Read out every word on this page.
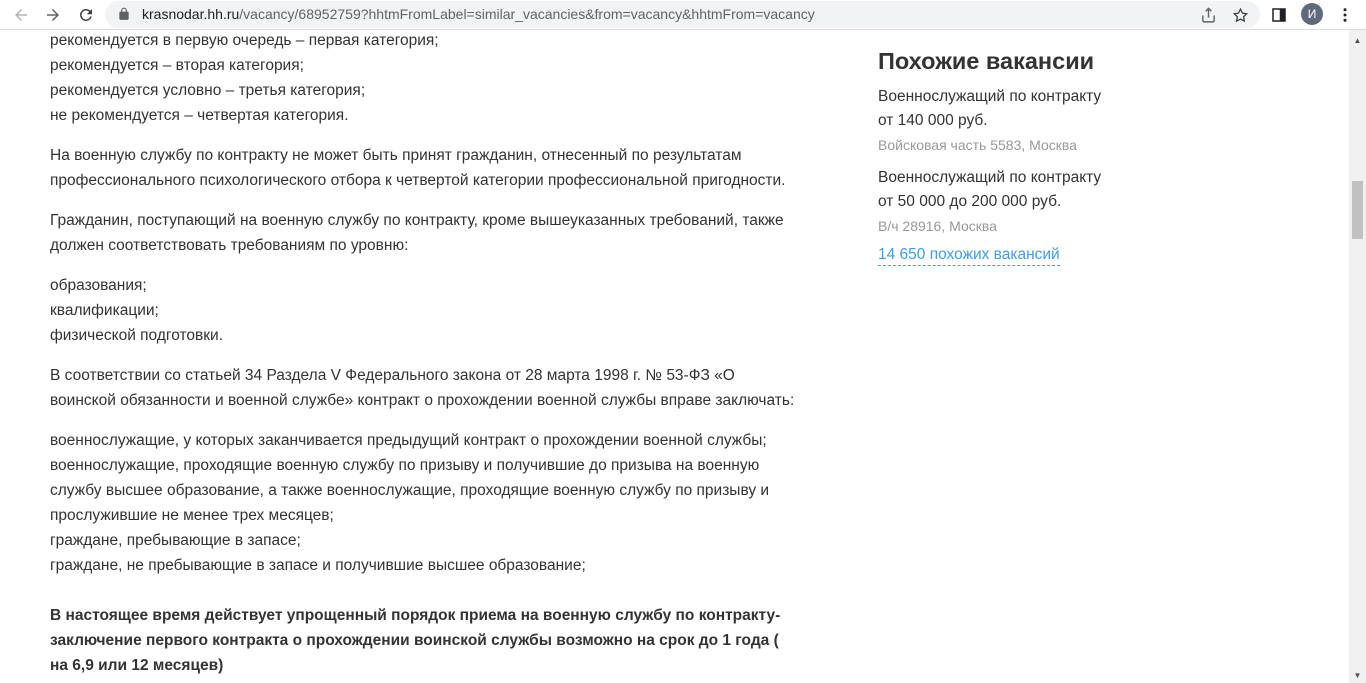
krasnodar.hh.ru/vacancy/68952759?hhtmFromLabel=similar_vacancies&from=vacancy&hhtmFrom=vacancy	И

рекомендуется в первую очередь – первая категория;
рекомендуется – вторая категория;
рекомендуется условно – третья категория;
не рекомендуется – четвертая категория.

На военную службу по контракту не может быть принят гражданин, отнесенный по результатам
профессионального психологического отбора к четвертой категории профессиональной пригодности.

Гражданин, поступающий на военную службу по контракту, кроме вышеуказанных требований, также
должен соответствовать требованиям по уровню:

образования;
квалификации;
физической подготовки.

В соответствии со статьей 34 Раздела V Федерального закона от 28 марта 1998 г. № 53-ФЗ «О
воинской обязанности и военной службе» контракт о прохождении военной службы вправе заключать:

военнослужащие, у которых заканчивается предыдущий контракт о прохождении военной службы;
военнослужащие, проходящие военную службу по призыву и получившие до призыва на военную
службу высшее образование, а также военнослужащие, проходящие военную службу по призыву и
прослужившие не менее трех месяцев;
граждане, пребывающие в запасе;
граждане, не пребывающие в запасе и получившие высшее образование;

В настоящее время действует упрощенный порядок приема на военную службу по контракту-
заключение первого контракта о прохождении воинской службы возможно на срок до 1 года (
на 6,9 или 12 месяцев)

Похожие вакансии
Военнослужащий по контракту
от 140 000 руб.
Войсковая часть 5583, Москва
Военнослужащий по контракту
от 50 000 до 200 000 руб.
В/ч 28916, Москва
14 650 похожих вакансий
▲
▼
